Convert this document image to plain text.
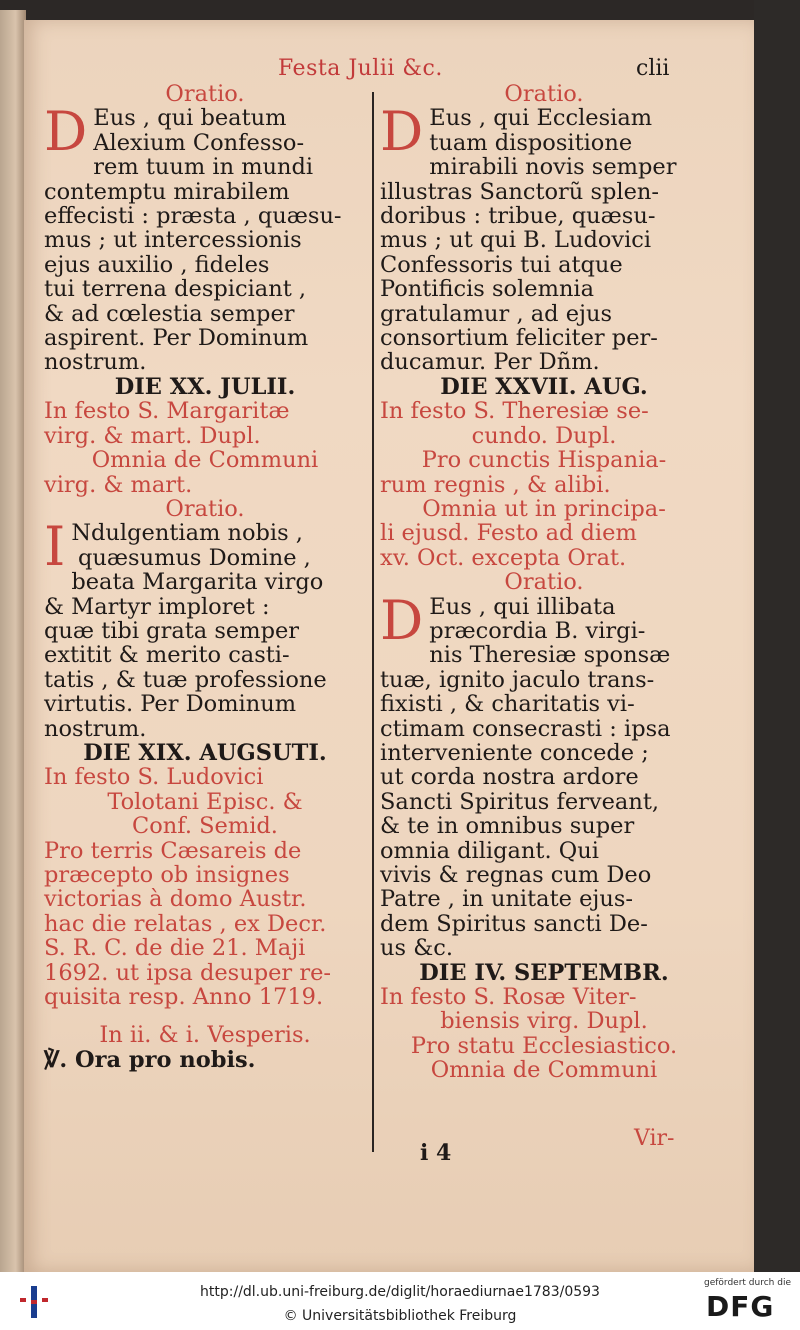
Festa Julii &c.	clii

Oratio.

D Eus , qui beatum

Alexium Confesso-

rem tuum in mundi

contemptu mirabilem

effecisti : præsta , quæsu-

mus ; ut intercessionis

ejus auxilio , fideles

tui terrena despiciant ,

& ad cœlestia semper

aspirent. Per Dominum

nostrum.

DIE XX. JULII.

In festo S. Margaritæ

virg. & mart. Dupl.

Omnia de Communi

virg. & mart.

Oratio.

I Ndulgentiam nobis ,

quæsumus Domine ,

beata Margarita virgo

& Martyr imploret :

quæ tibi grata semper

extitit & merito casti-

tatis , & tuæ professione

virtutis. Per Dominum

nostrum.

DIE XIX. AUGSUTI.

In festo S. Ludovici

Tolotani Episc. &

Conf. Semid.

Pro terris Cæsareis de

præcepto ob insignes

victorias à domo Austr.

hac die relatas , ex Decr.

S. R. C. de die 21. Maji

1692. ut ipsa desuper re-

quisita resp. Anno 1719.

In ii. & i. Vesperis.

℣. Ora pro nobis.

Oratio.

D Eus , qui Ecclesiam

tuam dispositione

mirabili novis semper

illustras Sanctorũ splen-

doribus : tribue, quæsu-

mus ; ut qui B. Ludovici

Confessoris tui atque

Pontificis solemnia

gratulamur , ad ejus

consortium feliciter per-

ducamur. Per Dñm.

DIE XXVII. AUG.

In festo S. Theresiæ se-

cundo. Dupl.

Pro cunctis Hispania-

rum regnis , & alibi.

Omnia ut in principa-

li ejusd. Festo ad diem

xv. Oct. excepta Orat.

Oratio.

D Eus , qui illibata

præcordia B. virgi-

nis Theresiæ sponsæ

tuæ, ignito jaculo trans-

fixisti , & charitatis vi-

ctimam consecrasti : ipsa

interveniente concede ;

ut corda nostra ardore

Sancti Spiritus ferveant,

& te in omnibus super

omnia diligant. Qui

vivis & regnas cum Deo

Patre , in unitate ejus-

dem Spiritus sancti De-

us &c.

DIE IV. SEPTEMBR.

In festo S. Rosæ Viter-

biensis virg. Dupl.

Pro statu Ecclesiastico.

Omnia de Communi

i 4
Vir-
http://dl.ub.uni-freiburg.de/diglit/horaediurnae1783/0593
© Universitätsbibliothek Freiburg
gefördert durch die
DFG
